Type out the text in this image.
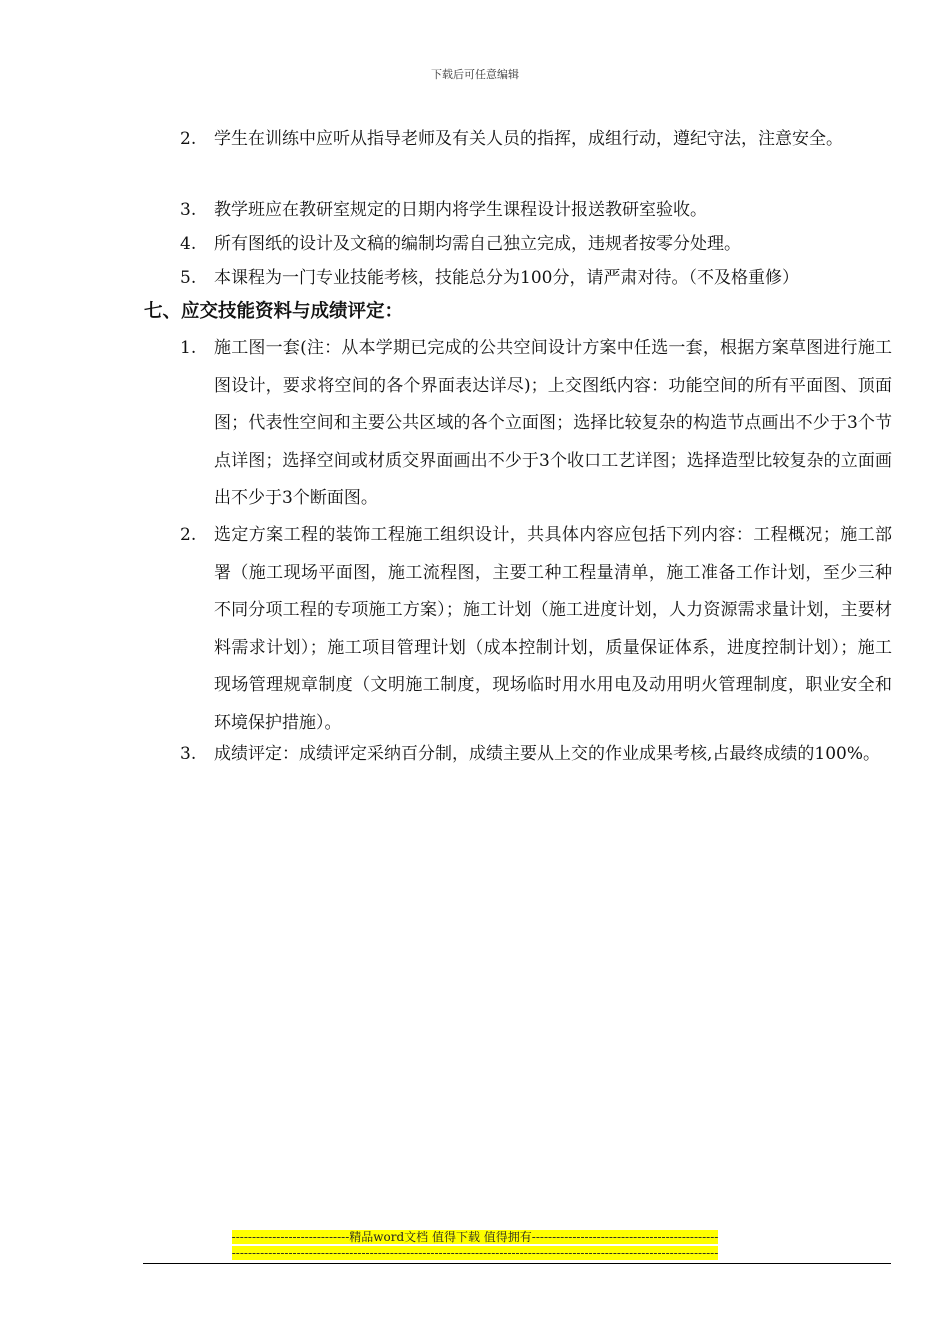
下载后可任意编辑
2.	学生在训练中应听从指导老师及有关人员的指挥，成组行动，遵纪守法，注意安全。
3.	教学班应在教研室规定的日期内将学生课程设计报送教研室验收。
4.	所有图纸的设计及文稿的编制均需自己独立完成，违规者按零分处理。
5.	本课程为一门专业技能考核，技能总分为100分，请严肃对待。（不及格重修）
七、应交技能资料与成绩评定：
1.	施工图一套(注：从本学期已完成的公共空间设计方案中任选一套，根据方案草图进行施工图设计，要求将空间的各个界面表达详尽)；上交图纸内容：功能空间的所有平面图、顶面图；代表性空间和主要公共区域的各个立面图；选择比较复杂的构造节点画出不少于3个节点详图；选择空间或材质交界面画出不少于3个收口工艺详图；选择造型比较复杂的立面画出不少于3个断面图。
2.	选定方案工程的装饰工程施工组织设计，共具体内容应包括下列内容：工程概况；施工部署（施工现场平面图，施工流程图，主要工种工程量清单，施工准备工作计划，至少三种不同分项工程的专项施工方案）；施工计划（施工进度计划，人力资源需求量计划，主要材料需求计划）；施工项目管理计划（成本控制计划，质量保证体系，进度控制计划）；施工现场管理规章制度（文明施工制度，现场临时用水用电及动用明火管理制度，职业安全和环境保护措施）。
3.	成绩评定：成绩评定采纳百分制，成绩主要从上交的作业成果考核,占最终成绩的100%。
-----------------------------精品word文档 值得下载 值得拥有----------------------------------------------
------------------------------------------------------------------------------------------------------------------------
